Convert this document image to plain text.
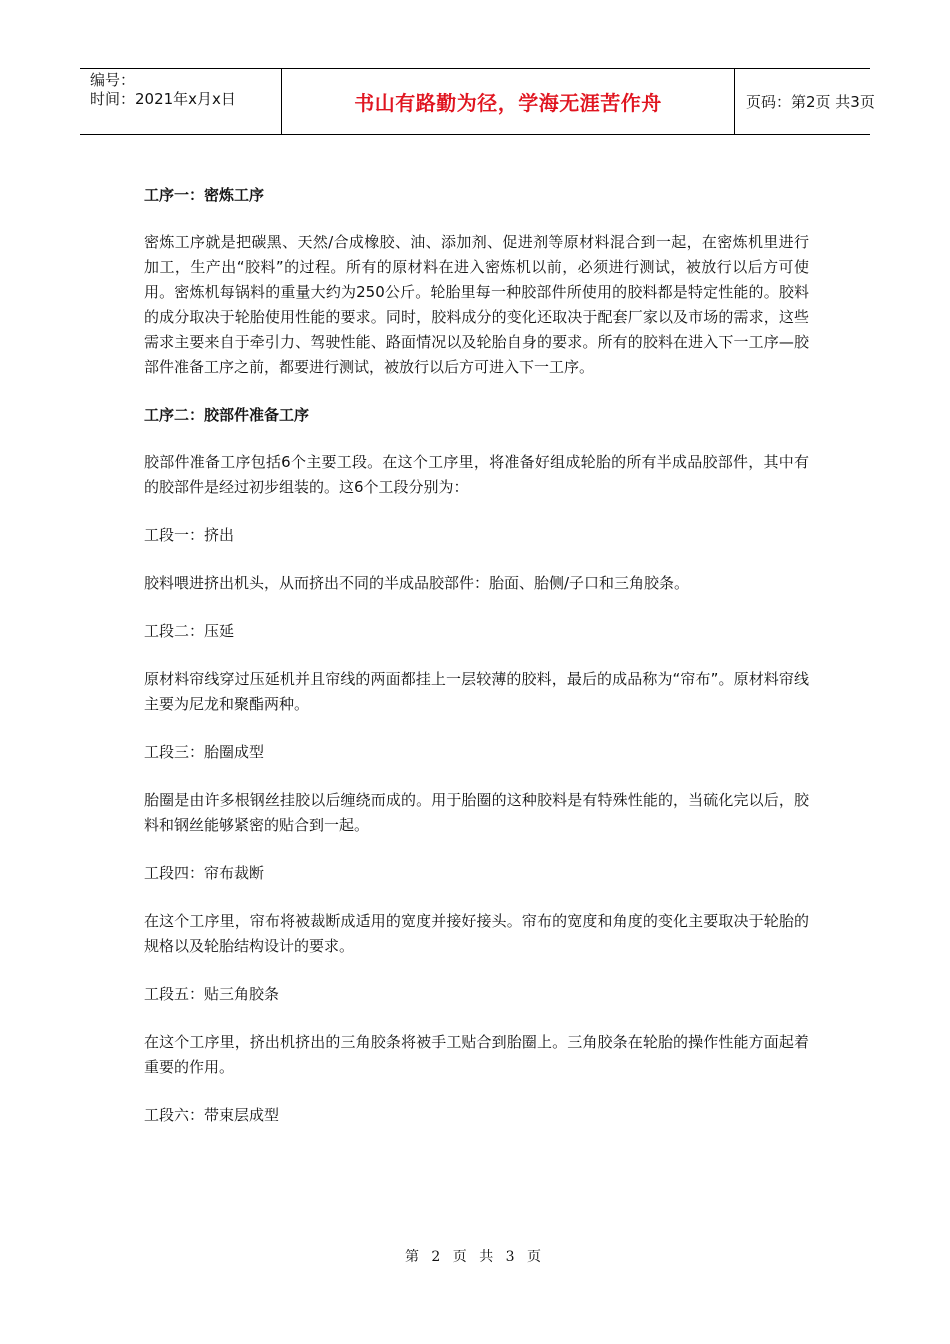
编号：
时间：2021年x月x日	书山有路勤为径，学海无涯苦作舟	页码：第2页 共3页
工序一：密炼工序

密炼工序就是把碳黑、天然/合成橡胶、油、添加剂、促进剂等原材料混合到一起，在密炼机里进行加工，生产出“胶料”的过程。所有的原材料在进入密炼机以前，必须进行测试，被放行以后方可使用。密炼机每锅料的重量大约为250公斤。轮胎里每一种胶部件所使用的胶料都是特定性能的。胶料的成分取决于轮胎使用性能的要求。同时，胶料成分的变化还取决于配套厂家以及市场的需求，这些需求主要来自于牵引力、驾驶性能、路面情况以及轮胎自身的要求。所有的胶料在进入下一工序—胶部件准备工序之前，都要进行测试，被放行以后方可进入下一工序。

工序二：胶部件准备工序

胶部件准备工序包括6个主要工段。在这个工序里，将准备好组成轮胎的所有半成品胶部件，其中有的胶部件是经过初步组装的。这6个工段分别为：

工段一：挤出

胶料喂进挤出机头，从而挤出不同的半成品胶部件：胎面、胎侧/子口和三角胶条。

工段二：压延

原材料帘线穿过压延机并且帘线的两面都挂上一层较薄的胶料，最后的成品称为“帘布”。原材料帘线主要为尼龙和聚酯两种。

工段三：胎圈成型

胎圈是由许多根钢丝挂胶以后缠绕而成的。用于胎圈的这种胶料是有特殊性能的，当硫化完以后，胶料和钢丝能够紧密的贴合到一起。

工段四：帘布裁断

在这个工序里，帘布将被裁断成适用的宽度并接好接头。帘布的宽度和角度的变化主要取决于轮胎的规格以及轮胎结构设计的要求。

工段五：贴三角胶条

在这个工序里，挤出机挤出的三角胶条将被手工贴合到胎圈上。三角胶条在轮胎的操作性能方面起着重要的作用。

工段六：带束层成型
第 2 页 共 3 页
